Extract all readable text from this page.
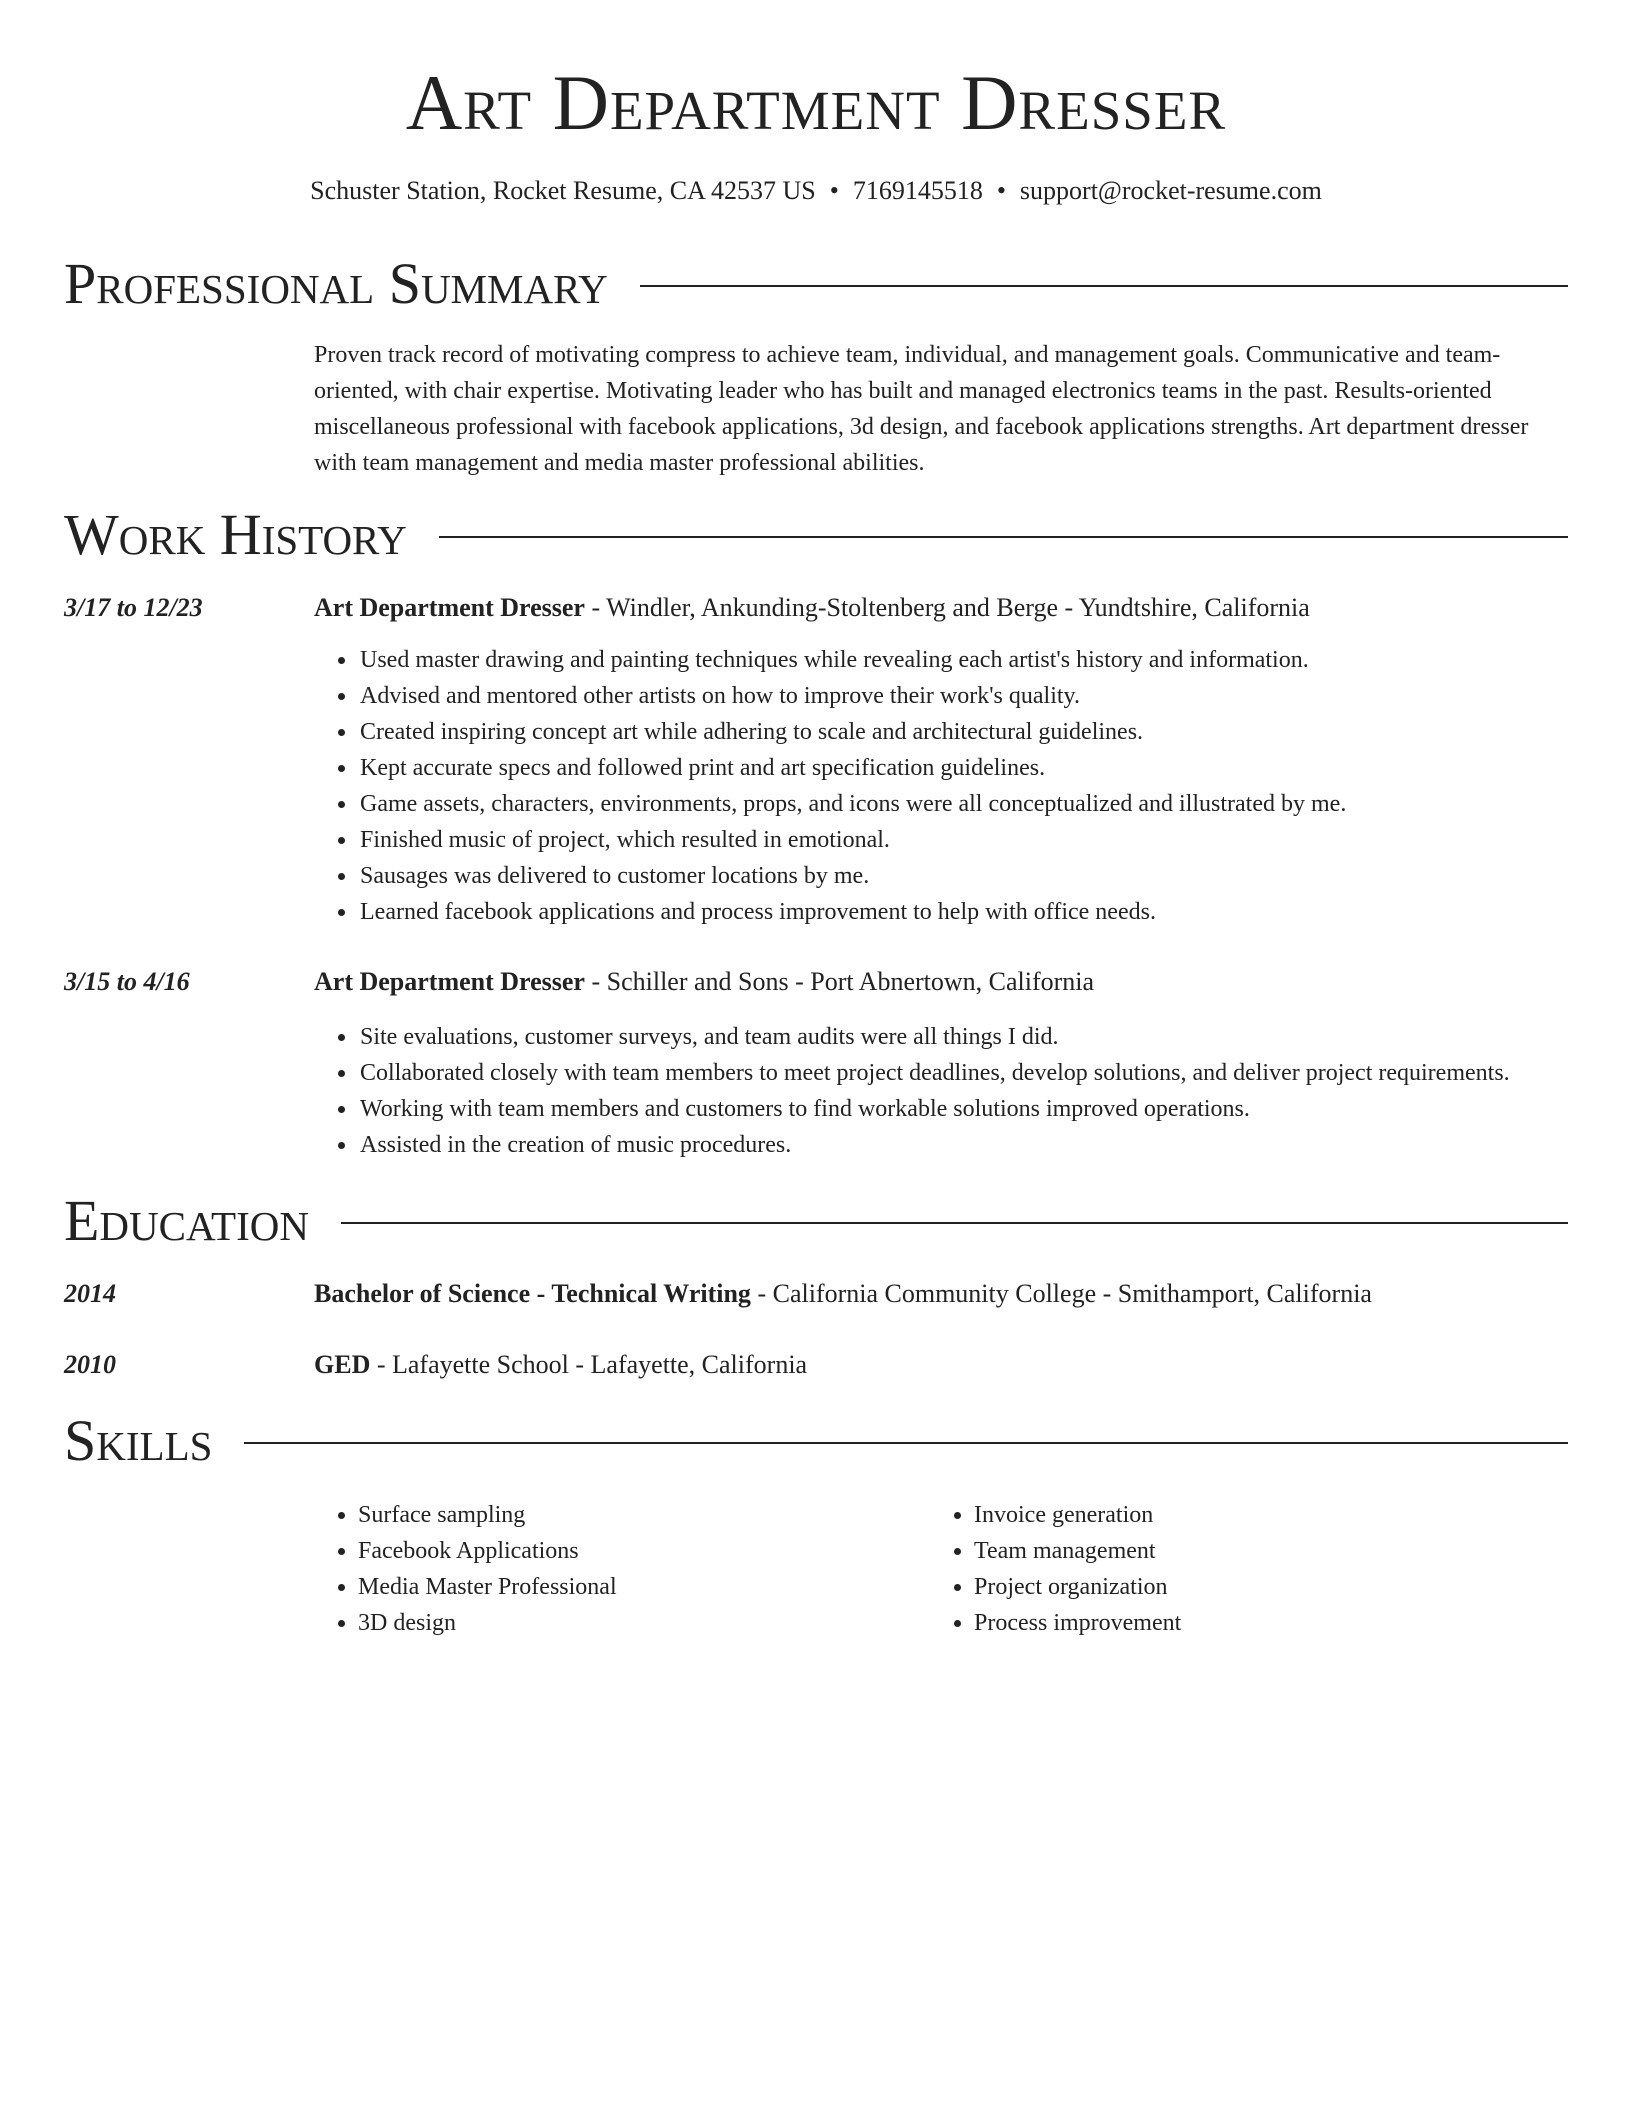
Art Department Dresser
Schuster Station, Rocket Resume, CA 42537 US • 7169145518 • support@rocket-resume.com
Professional Summary

Proven track record of motivating compress to achieve team, individual, and management goals. Communicative and team-oriented, with chair expertise. Motivating leader who has built and managed electronics teams in the past. Results-oriented miscellaneous professional with facebook applications, 3d design, and facebook applications strengths. Art department dresser with team management and media master professional abilities.

Work History
3/17 to 12/23	Art Department Dresser - Windler, Ankunding-Stoltenberg and Berge - Yundtshire, California
• Used master drawing and painting techniques while revealing each artist's history and information.
• Advised and mentored other artists on how to improve their work's quality.
• Created inspiring concept art while adhering to scale and architectural guidelines.
• Kept accurate specs and followed print and art specification guidelines.
• Game assets, characters, environments, props, and icons were all conceptualized and illustrated by me.
• Finished music of project, which resulted in emotional.
• Sausages was delivered to customer locations by me.
• Learned facebook applications and process improvement to help with office needs.
3/15 to 4/16	Art Department Dresser - Schiller and Sons - Port Abnertown, California
• Site evaluations, customer surveys, and team audits were all things I did.
• Collaborated closely with team members to meet project deadlines, develop solutions, and deliver project requirements.
• Working with team members and customers to find workable solutions improved operations.
• Assisted in the creation of music procedures.
Education
2014	Bachelor of Science - Technical Writing - California Community College - Smithamport, California
2010	GED - Lafayette School - Lafayette, California
Skills
• Surface sampling
• Facebook Applications
• Media Master Professional
• 3D design
• Invoice generation
• Team management
• Project organization
• Process improvement
